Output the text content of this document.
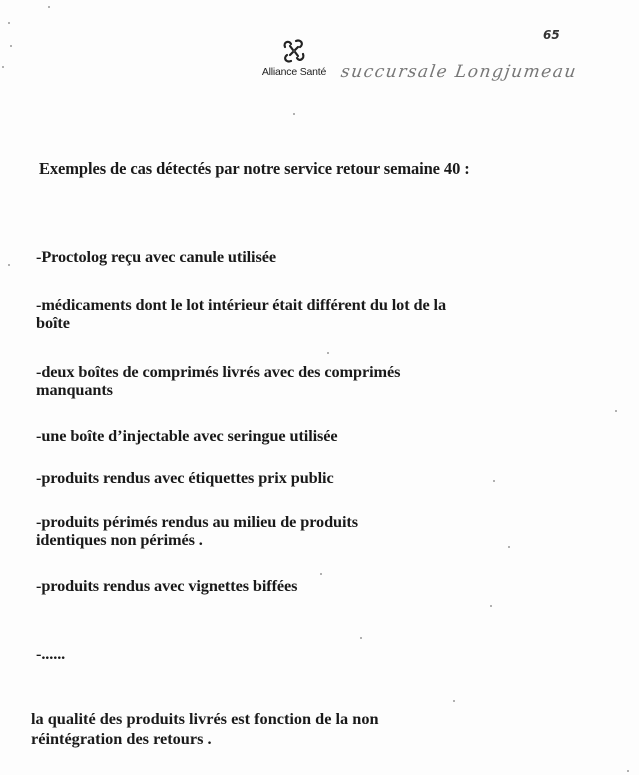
Alliance Santé succursale Longjumeau
65
Exemples de cas détectés par notre service retour semaine 40 :
-Proctolog reçu avec canule utilisée
-médicaments dont le lot intérieur était différent du lot de la
boîte
-deux boîtes de comprimés livrés avec des comprimés
manquants
-une boîte d’injectable avec seringue utilisée
-produits rendus avec étiquettes prix public
-produits périmés rendus au milieu de produits
identiques non périmés .
-produits rendus avec vignettes biffées
-......
la qualité des produits livrés est fonction de la non
réintégration des retours .
